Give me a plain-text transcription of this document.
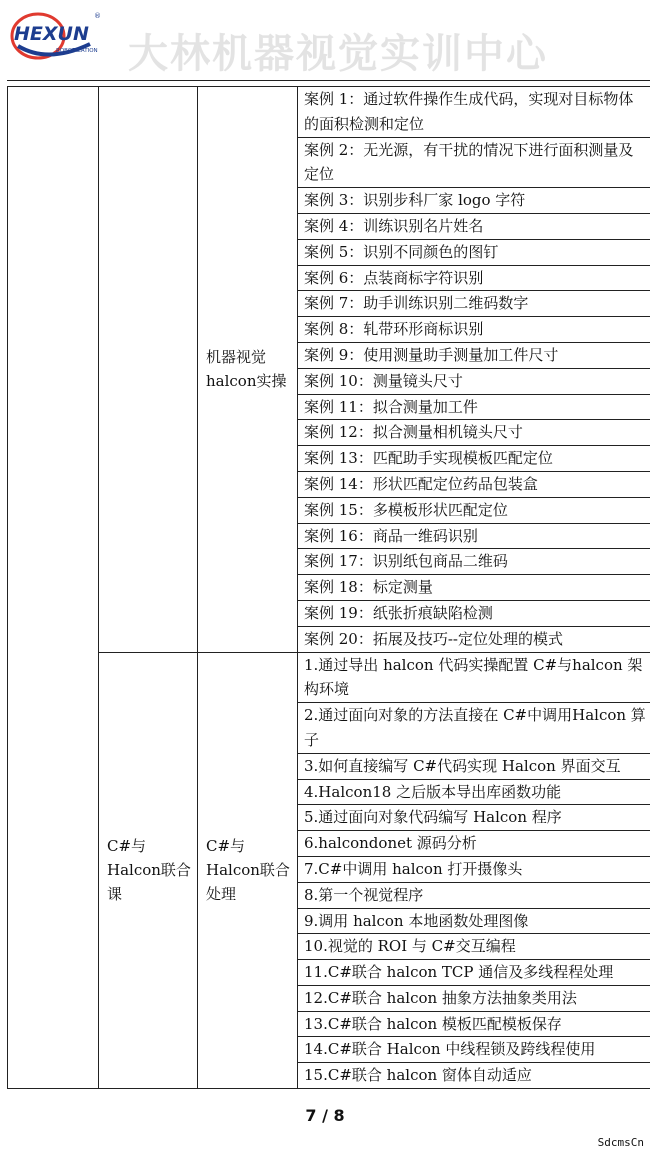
HEXUN
ROBOTIZATION
®
大林机器视觉实训中心
		机器视觉halcon实操	案例 1：通过软件操作生成代码，实现对目标物体的面积检测和定位
			案例 2：无光源，有干扰的情况下进行面积测量及定位
			案例 3：识别步科厂家 logo 字符
			案例 4：训练识别名片姓名
			案例 5：识别不同颜色的图钉
			案例 6：点装商标字符识别
			案例 7：助手训练识别二维码数字
			案例 8：轧带环形商标识别
			案例 9：使用测量助手测量加工件尺寸
			案例 10：测量镜头尺寸
			案例 11：拟合测量加工件
			案例 12：拟合测量相机镜头尺寸
			案例 13：匹配助手实现模板匹配定位
			案例 14：形状匹配定位药品包装盒
			案例 15：多模板形状匹配定位
			案例 16：商品一维码识别
			案例 17：识别纸包商品二维码
			案例 18：标定测量
			案例 19：纸张折痕缺陷检测
			案例 20：拓展及技巧--定位处理的模式
	C#与Halcon联合课	C#与Halcon联合处理	1.通过导出 halcon 代码实操配置 C#与halcon 架构环境
			2.通过面向对象的方法直接在 C#中调用Halcon 算子
			3.如何直接编写 C#代码实现 Halcon 界面交互
			4.Halcon18 之后版本导出库函数功能
			5.通过面向对象代码编写 Halcon 程序
			6.halcondonet 源码分析
			7.C#中调用 halcon 打开摄像头
			8.第一个视觉程序
			9.调用 halcon 本地函数处理图像
			10.视觉的 ROI 与 C#交互编程
			11.C#联合 halcon TCP 通信及多线程程处理
			12.C#联合 halcon 抽象方法抽象类用法
			13.C#联合 halcon 模板匹配模板保存
			14.C#联合 Halcon 中线程锁及跨线程使用
			15.C#联合 halcon 窗体自动适应
7 / 8
SdcmsCn
